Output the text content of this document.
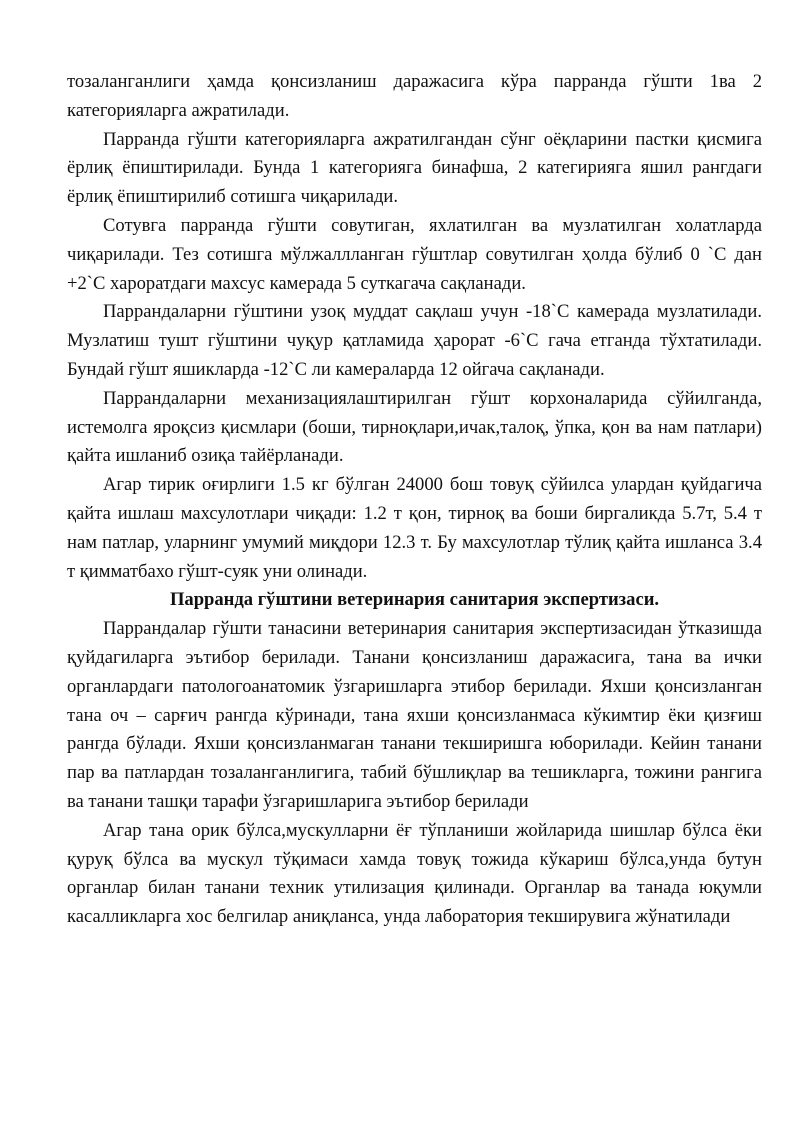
тозаланганлиги ҳамда қонсизланиш даражасига кўра парранда гўшти 1ва 2 категорияларга ажратилади.

Парранда гўшти категорияларга ажратилгандан сўнг оёқларини пастки қисмига ёрлиқ ёпиштирилади. Бунда 1 категорияга бинафша, 2 категирияга яшил рангдаги ёрлиқ ёпиштирилиб сотишга чиқарилади.

Сотувга парранда гўшти совутиган, яхлатилган ва музлатилган холатларда чиқарилади. Тез сотишга мўлжаллланган гўштлар совутилган ҳолда бўлиб 0 `С дан +2`С хароратдаги махсус камерада 5 суткагача сақланади.

Паррандаларни гўштини узоқ муддат сақлаш учун -18`С камерада музлатилади. Музлатиш тушт гўштини чуқур қатламида ҳарорат -6`С гача етганда тўхтатилади. Бундай гўшт яшикларда -12`С ли камераларда 12 ойгача сақланади.

Паррандаларни механизациялаштирилган гўшт корхоналарида сўйилганда, истемолга яроқсиз қисмлари (боши, тирноқлари,ичак,талоқ, ўпка, қон ва нам патлари) қайта ишланиб озиқа тайёрланади.

Агар тирик оғирлиги 1.5 кг бўлган 24000 бош товуқ сўйилса улардан қуйдагича қайта ишлаш махсулотлари чиқади: 1.2 т қон, тирноқ ва боши биргаликда 5.7т, 5.4 т нам патлар, уларнинг умумий миқдори 12.3 т. Бу махсулотлар тўлиқ қайта ишланса 3.4 т қимматбахо гўшт-суяк уни олинади.

Парранда гўштини ветеринария санитария экспертизаси.

Паррандалар гўшти танасини ветеринария санитария экспертизасидан ўтказишда қуйдагиларга эътибор берилади. Танани қонсизланиш даражасига, тана ва ички органлардаги патологоанатомик ўзгаришларга этибор берилади. Яхши қонсизланган тана оч – сарғич рангда кўринади, тана яхши қонсизланмаса кўкимтир ёки қизғиш рангда бўлади. Яхши қонсизланмаган танани текширишга юборилади. Кейин танани пар ва патлардан тозаланганлигига, табий бўшлиқлар ва тешикларга, тожини рангига ва танани ташқи тарафи ўзгаришларига эътибор берилади

Агар тана орик бўлса,мускулларни ёғ тўпланиши жойларида шишлар бўлса ёки қуруқ бўлса ва мускул тўқимаси хамда товуқ тожида кўкариш бўлса,унда бутун органлар билан танани техник утилизация қилинади. Органлар ва танада юқумли касалликларга хос белгилар аниқланса, унда лаборатория текширувига жўнатилади
